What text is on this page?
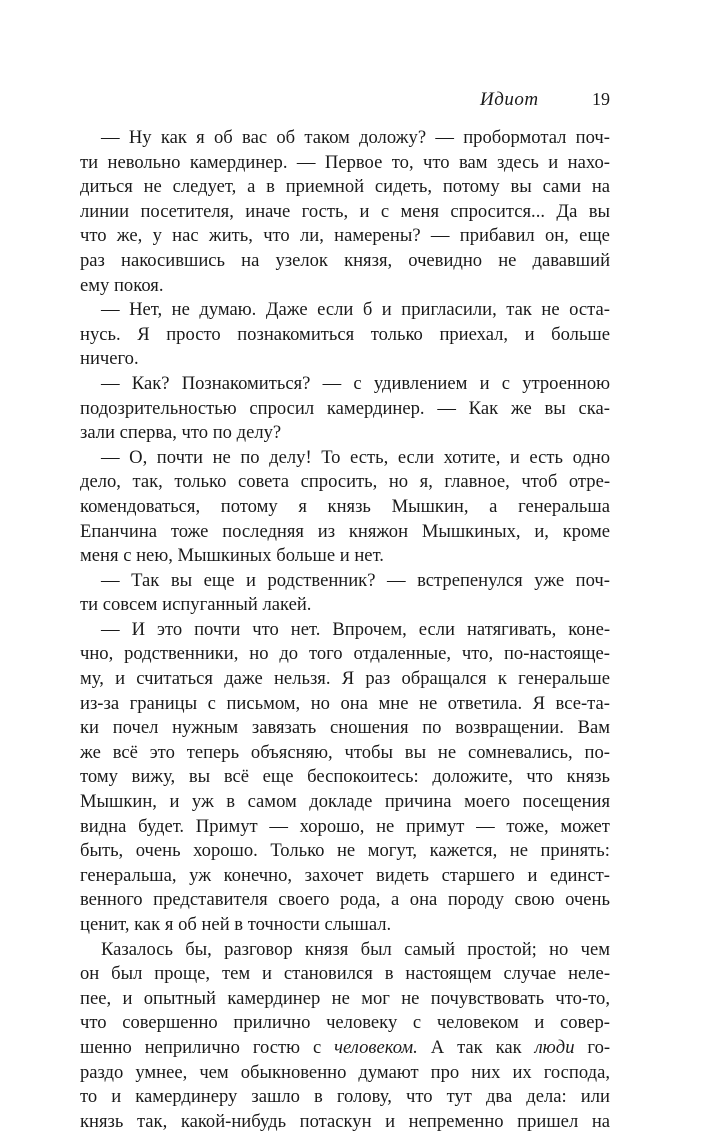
Идиот	19
— Ну как я об вас об таком доложу? — пробормотал поч-
ти невольно камердинер. — Первое то, что вам здесь и нахо-
диться не следует, а в приемной сидеть, потому вы сами на
линии посетителя, иначе гость, и с меня спросится... Да вы
что же, у нас жить, что ли, намерены? — прибавил он, еще
раз накосившись на узелок князя, очевидно не дававший
ему покоя.
— Нет, не думаю. Даже если б и пригласили, так не оста-
нусь. Я просто познакомиться только приехал, и больше
ничего.
— Как? Познакомиться? — с удивлением и с утроенною
подозрительностью спросил камердинер. — Как же вы ска-
зали сперва, что по делу?
— О, почти не по делу! То есть, если хотите, и есть одно
дело, так, только совета спросить, но я, главное, чтоб отре-
комендоваться, потому я князь Мышкин, а генеральша
Епанчина тоже последняя из княжон Мышкиных, и, кроме
меня с нею, Мышкиных больше и нет.
— Так вы еще и родственник? — встрепенулся уже поч-
ти совсем испуганный лакей.
— И это почти что нет. Впрочем, если натягивать, коне-
чно, родственники, но до того отдаленные, что, по-настояще-
му, и считаться даже нельзя. Я раз обращался к генеральше
из-за границы с письмом, но она мне не ответила. Я все-та-
ки почел нужным завязать сношения по возвращении. Вам
же всё это теперь объясняю, чтобы вы не сомневались, по-
тому вижу, вы всё еще беспокоитесь: доложите, что князь
Мышкин, и уж в самом докладе причина моего посещения
видна будет. Примут — хорошо, не примут — тоже, может
быть, очень хорошо. Только не могут, кажется, не принять:
генеральша, уж конечно, захочет видеть старшего и единст-
венного представителя своего рода, а она породу свою очень
ценит, как я об ней в точности слышал.
Казалось бы, разговор князя был самый простой; но чем
он был проще, тем и становился в настоящем случае неле-
пее, и опытный камердинер не мог не почувствовать что-то,
что совершенно прилично человеку с человеком и совер-
шенно неприлично гостю с человеком. А так как люди го-
раздо умнее, чем обыкновенно думают про них их господа,
то и камердинеру зашло в голову, что тут два дела: или
князь так, какой-нибудь потаскун и непременно пришел на
